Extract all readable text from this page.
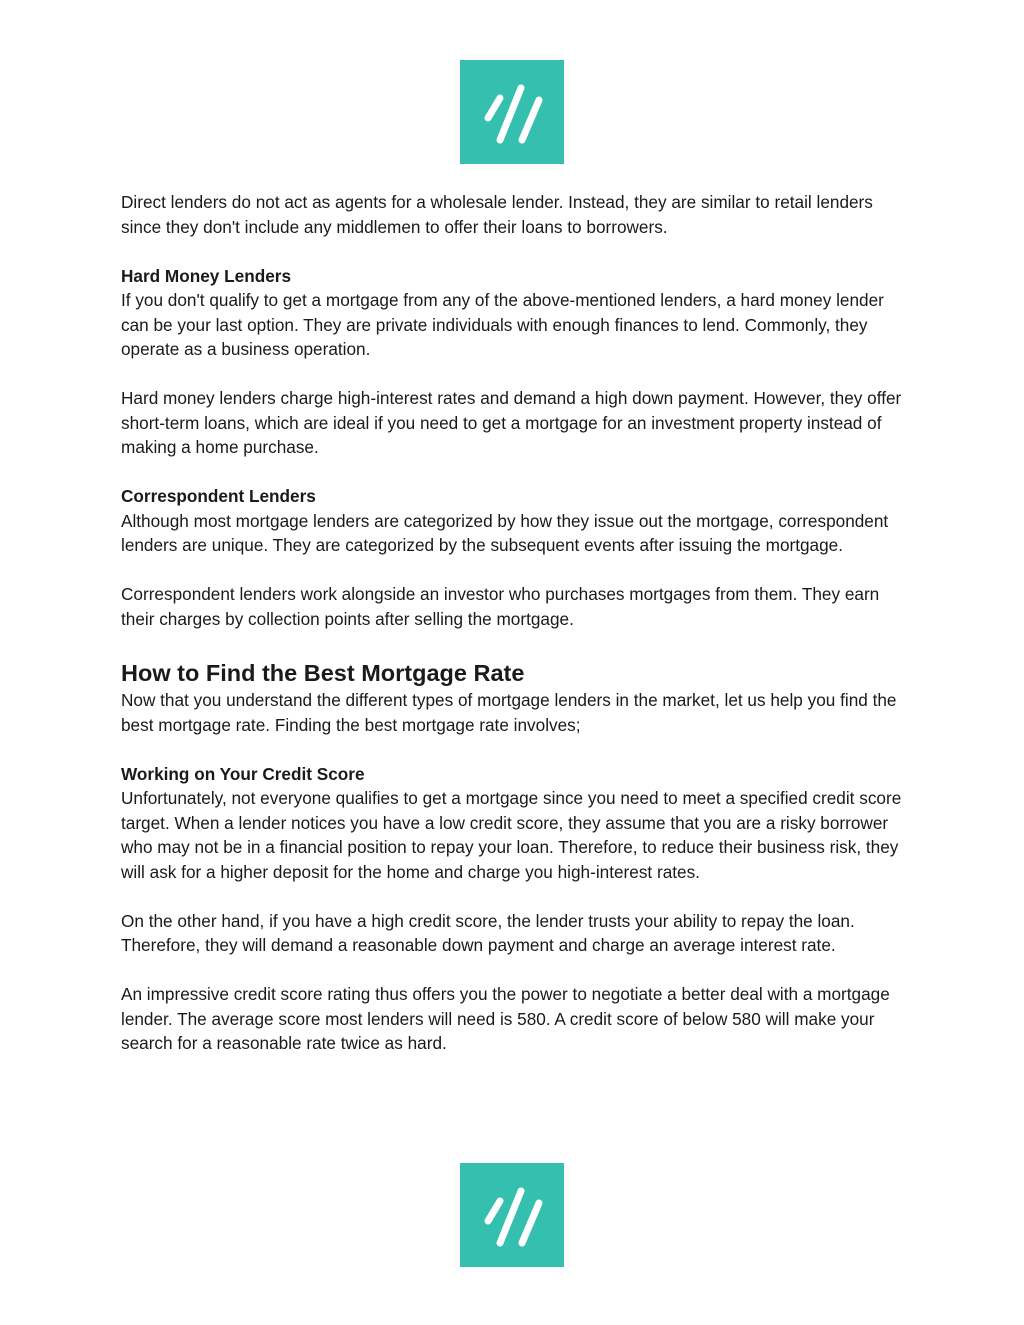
Direct lenders do not act as agents for a wholesale lender. Instead, they are similar to retail lenders since they don't include any middlemen to offer their loans to borrowers.

Hard Money Lenders

If you don't qualify to get a mortgage from any of the above-mentioned lenders, a hard money lender can be your last option. They are private individuals with enough finances to lend. Commonly, they operate as a business operation.

Hard money lenders charge high-interest rates and demand a high down payment. However, they offer short-term loans, which are ideal if you need to get a mortgage for an investment property instead of making a home purchase.

Correspondent Lenders

Although most mortgage lenders are categorized by how they issue out the mortgage, correspondent lenders are unique. They are categorized by the subsequent events after issuing the mortgage.

Correspondent lenders work alongside an investor who purchases mortgages from them. They earn their charges by collection points after selling the mortgage.

How to Find the Best Mortgage Rate

Now that you understand the different types of mortgage lenders in the market, let us help you find the best mortgage rate. Finding the best mortgage rate involves;

Working on Your Credit Score

Unfortunately, not everyone qualifies to get a mortgage since you need to meet a specified credit score target. When a lender notices you have a low credit score, they assume that you are a risky borrower who may not be in a financial position to repay your loan. Therefore, to reduce their business risk, they will ask for a higher deposit for the home and charge you high-interest rates.

On the other hand, if you have a high credit score, the lender trusts your ability to repay the loan. Therefore, they will demand a reasonable down payment and charge an average interest rate.

An impressive credit score rating thus offers you the power to negotiate a better deal with a mortgage lender. The average score most lenders will need is 580. A credit score of below 580 will make your search for a reasonable rate twice as hard.
